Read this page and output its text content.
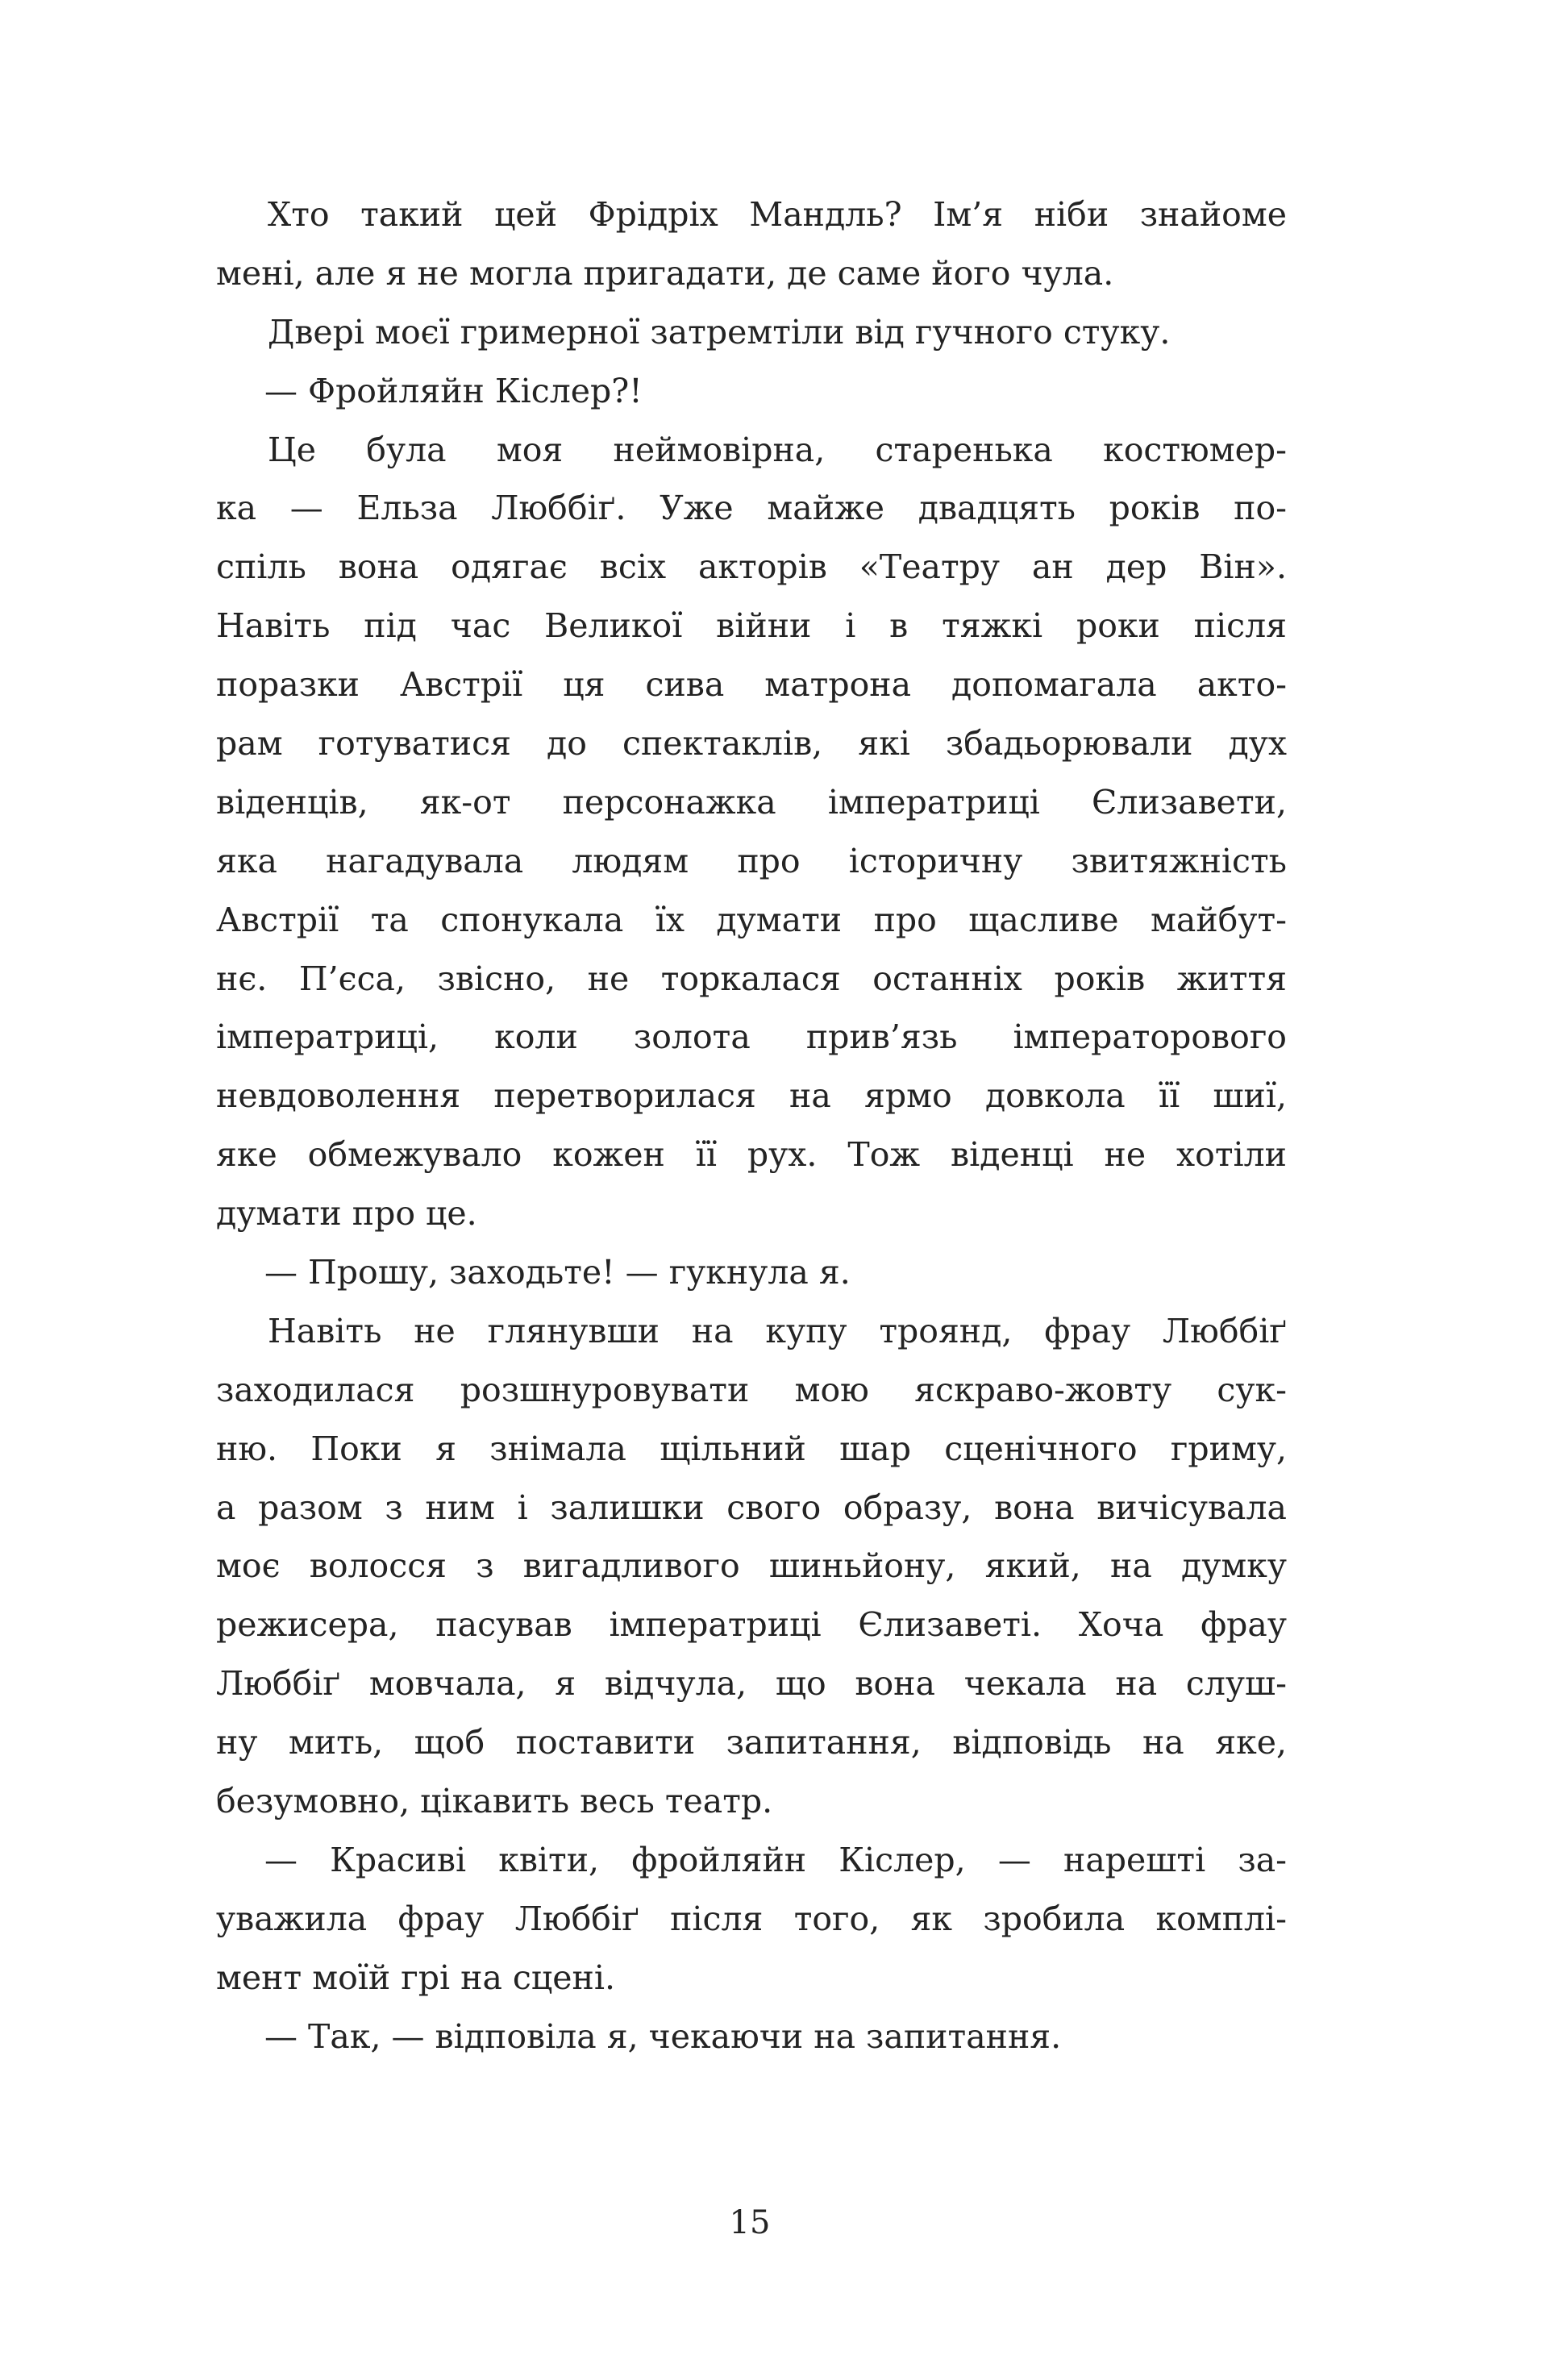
Хто такий цей Фрідріх Мандль? Ім’я ніби знайоме
мені, але я не могла пригадати, де саме його чула.
Двері моєї гримерної затремтіли від гучного стуку.
— Фройляйн Кіслер?!
Це була моя неймовірна, старенька костюмер-
ка — Ельза Люббіґ. Уже майже двадцять років по-
спіль вона одягає всіх акторів «Театру ан дер Він».
Навіть під час Великої війни і в тяжкі роки після
поразки Австрії ця сива матрона допомагала акто-
рам готуватися до спектаклів, які збадьорювали дух
віденців, як-от персонажка імператриці Єлизавети,
яка нагадувала людям про історичну звитяжність
Австрії та спонукала їх думати про щасливе майбут-
нє. П’єса, звісно, не торкалася останніх років життя
імператриці, коли золота прив’язь імператорового
невдоволення перетворилася на ярмо довкола її шиї,
яке обмежувало кожен її рух. Тож віденці не хотіли
думати про це.
— Прошу, заходьте! — гукнула я.
Навіть не глянувши на купу троянд, фрау Люббіґ
заходилася розшнуровувати мою яскраво-жовту сук-
ню. Поки я знімала щільний шар сценічного гриму,
а разом з ним і залишки свого образу, вона вичісувала
моє волосся з вигадливого шиньйону, який, на думку
режисера, пасував імператриці Єлизаветі. Хоча фрау
Люббіґ мовчала, я відчула, що вона чекала на слуш-
ну мить, щоб поставити запитання, відповідь на яке,
безумовно, цікавить весь театр.
— Красиві квіти, фройляйн Кіслер, — нарешті за-
уважила фрау Люббіґ після того, як зробила комплі-
мент моїй грі на сцені.
— Так, — відповіла я, чекаючи на запитання.
15
